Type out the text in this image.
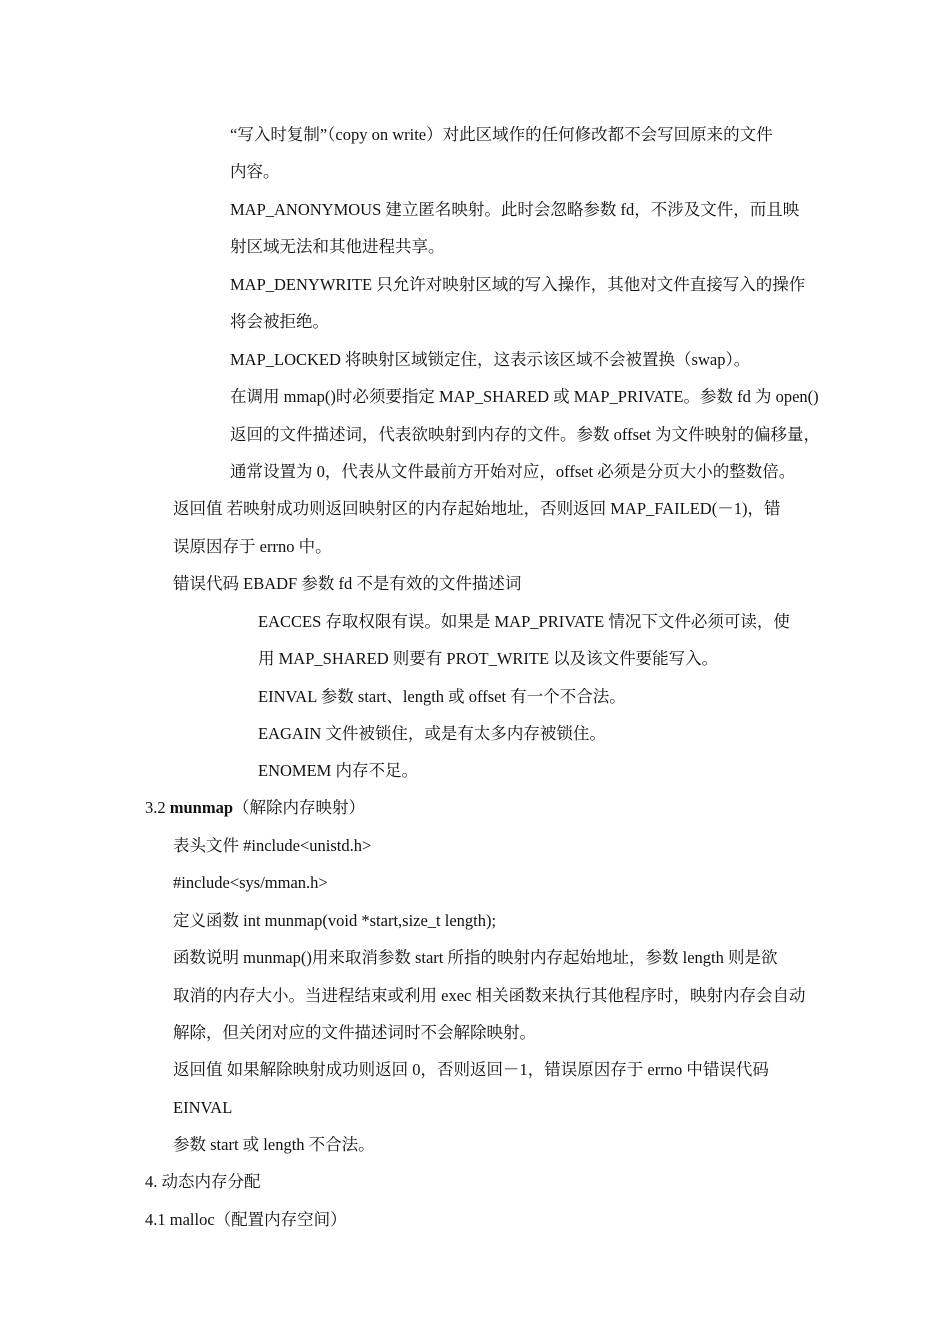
“写入时复制”（copy on write）对此区域作的任何修改都不会写回原来的文件
内容。
MAP_ANONYMOUS 建立匿名映射。此时会忽略参数 fd，不涉及文件，而且映
射区域无法和其他进程共享。
MAP_DENYWRITE 只允许对映射区域的写入操作，其他对文件直接写入的操作
将会被拒绝。
MAP_LOCKED 将映射区域锁定住，这表示该区域不会被置换（swap）。
在调用 mmap()时必须要指定 MAP_SHARED 或 MAP_PRIVATE。参数 fd 为 open()
返回的文件描述词，代表欲映射到内存的文件。参数 offset 为文件映射的偏移量，
通常设置为 0，代表从文件最前方开始对应，offset 必须是分页大小的整数倍。
返回值 若映射成功则返回映射区的内存起始地址，否则返回 MAP_FAILED(－1)，错
误原因存于 errno 中。
错误代码 EBADF 参数 fd 不是有效的文件描述词
EACCES 存取权限有误。如果是 MAP_PRIVATE 情况下文件必须可读，使
用 MAP_SHARED 则要有 PROT_WRITE 以及该文件要能写入。
EINVAL 参数 start、length 或 offset 有一个不合法。
EAGAIN 文件被锁住，或是有太多内存被锁住。
ENOMEM 内存不足。
3.2 munmap（解除内存映射）
表头文件 #include<unistd.h>
#include<sys/mman.h>
定义函数 int munmap(void *start,size_t length);
函数说明 munmap()用来取消参数 start 所指的映射内存起始地址，参数 length 则是欲
取消的内存大小。当进程结束或利用 exec 相关函数来执行其他程序时，映射内存会自动
解除，但关闭对应的文件描述词时不会解除映射。
返回值 如果解除映射成功则返回 0，否则返回－1，错误原因存于 errno 中错误代码
EINVAL
参数 start 或 length 不合法。
4. 动态内存分配
4.1 malloc（配置内存空间）
